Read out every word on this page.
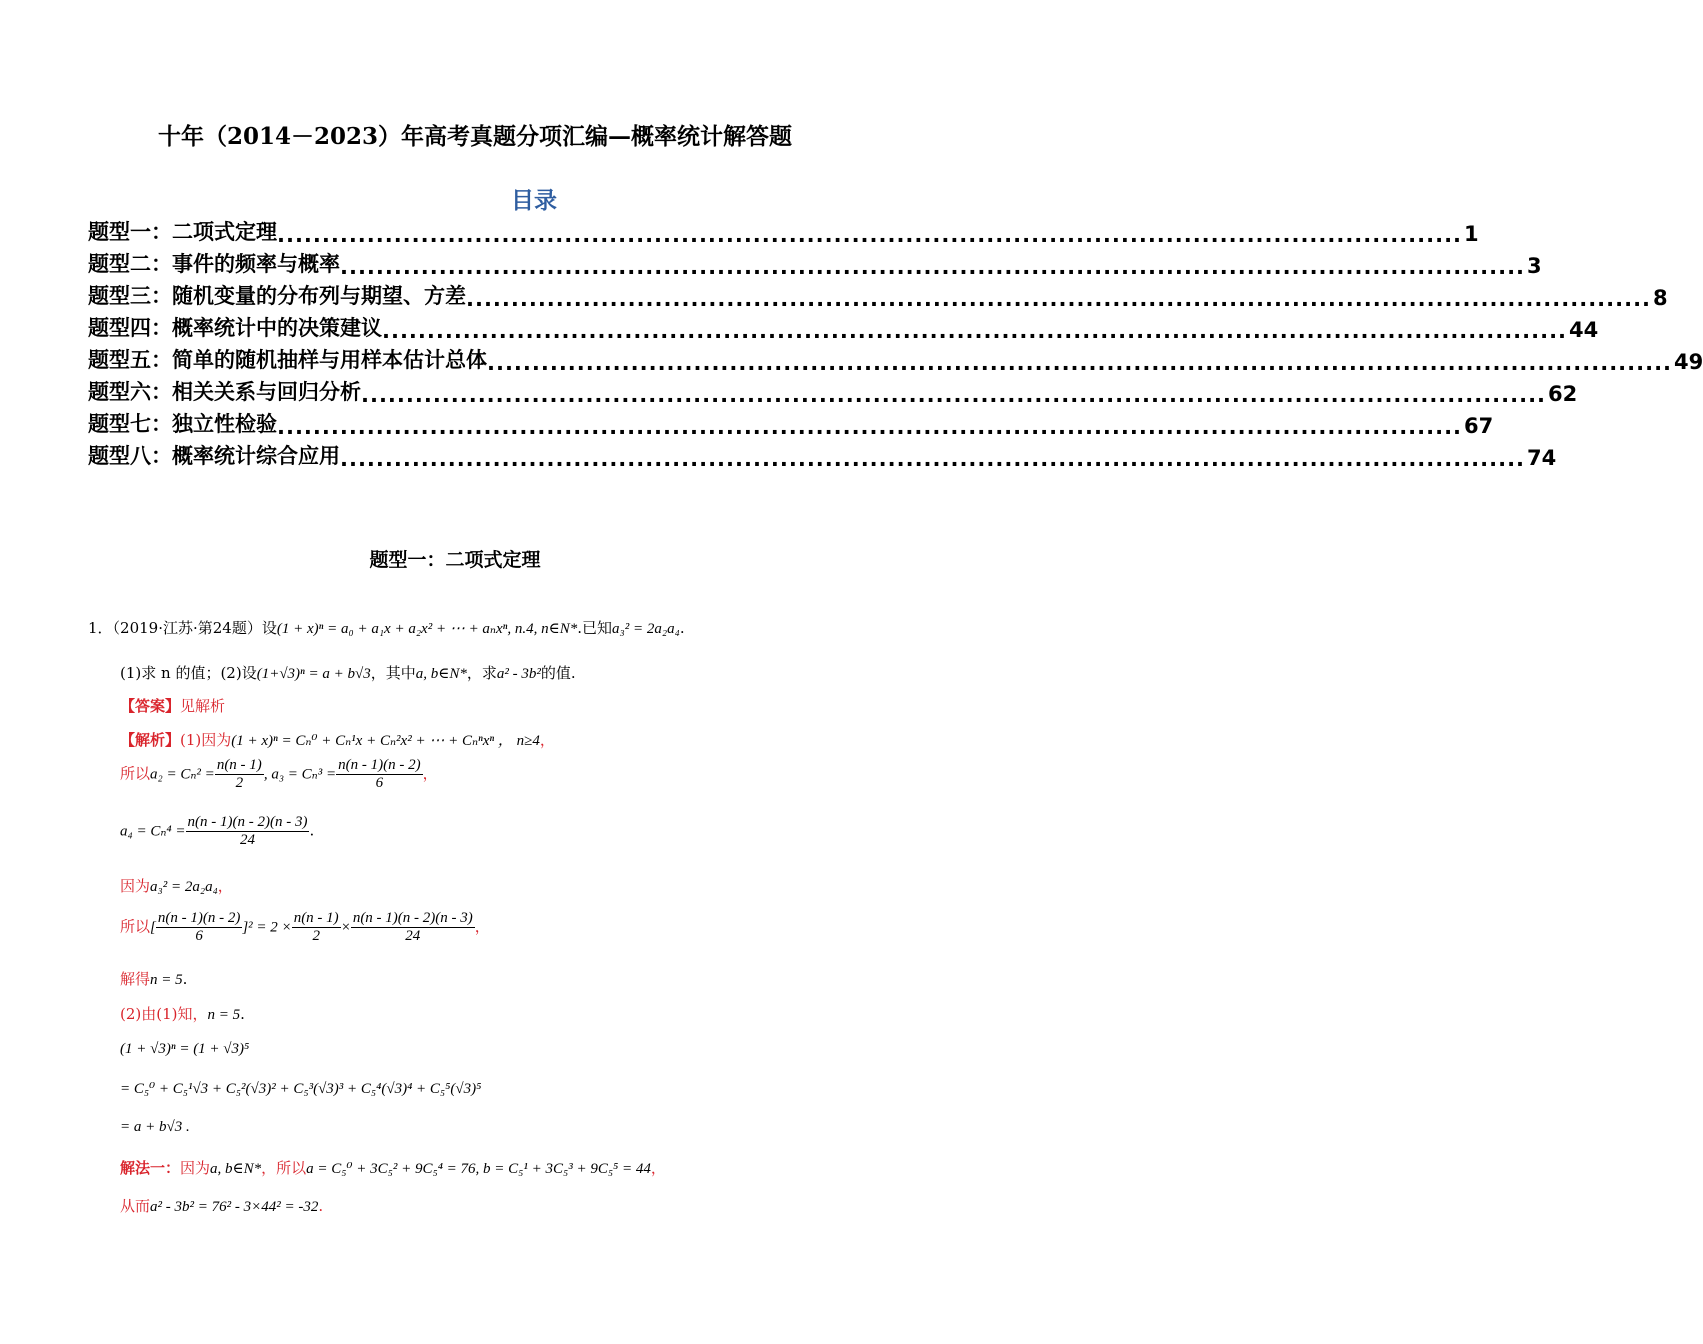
十年（2014－2023）年高考真题分项汇编—概率统计解答题
目录
题型一：二项式定理 .................................................................................................................................... 1
题型二：事件的频率与概率 .................................................................................................................................... 3
题型三：随机变量的分布列与期望、方差 .................................................................................................................................... 8
题型四：概率统计中的决策建议 .................................................................................................................................... 44
题型五：简单的随机抽样与用样本估计总体 .................................................................................................................................... 49
题型六：相关关系与回归分析 .................................................................................................................................... 62
题型七：独立性检验 .................................................................................................................................... 67
题型八：概率统计综合应用 .................................................................................................................................... 74
题型一：二项式定理
1．（2019·江苏·第24题）设(1 + x)ⁿ = a₀ + a₁x + a₂x² + ⋯ + aₙxⁿ, n.4, n∈N*.已知a₃² = 2a₂a₄.
(1)求 n 的值；(2)设(1+√3)ⁿ = a + b√3，其中a, b∈N*，求a² - 3b²的值.
【答案】见解析
【解析】(1)因为(1 + x)ⁿ = Cₙ⁰ + Cₙ¹x + Cₙ²x² + ⋯ + Cₙⁿxⁿ ， n≥4，
所以$a_2 = C_n^2 = \frac{n(n - 1)}{2}$ , $a_3 = C_n^3 = \frac{n(n - 1)(n - 2)}{6}$ ，
$a_4 = C_n^4 = \frac{n(n - 1)(n - 2)(n - 3)}{24}$ .
因为a₃² = 2a₂a₄，
所以[ $\frac{n(n - 1)(n - 2)}{6} ]^2 = 2 \times \frac{n(n - 1)}{2} \times \frac{n(n - 1)(n - 2)(n - 3)}{24}$ ，
解得n = 5.
(2)由(1)知，n = 5.
(1 + √3)ⁿ = (1 + √3)⁵
= C₅⁰ + C₅¹√3 + C₅²(√3)² + C₅³(√3)³ + C₅⁴(√3)⁴ + C₅⁵(√3)⁵
= a + b√3 .
解法一：因为a, b∈N*，所以a = C₅⁰ + 3C₅² + 9C₅⁴ = 76, b = C₅¹ + 3C₅³ + 9C₅⁵ = 44，
从而a² - 3b² = 76² - 3×44² = -32.
